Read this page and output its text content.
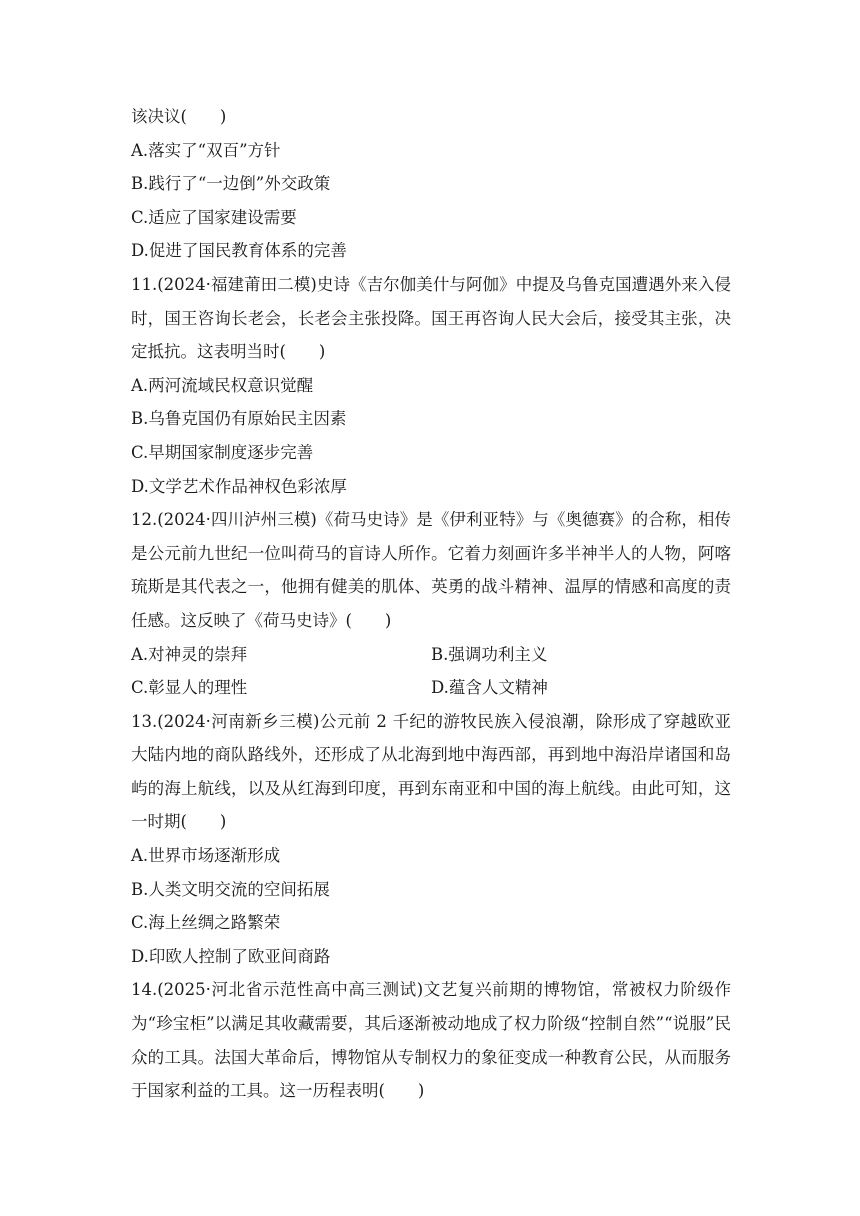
该决议(　　)
A.落实了“双百”方针
B.践行了“一边倒”外交政策
C.适应了国家建设需要
D.促进了国民教育体系的完善
11.(2024·福建莆田二模)史诗《吉尔伽美什与阿伽》中提及乌鲁克国遭遇外来入侵时，国王咨询长老会，长老会主张投降。国王再咨询人民大会后，接受其主张，决定抵抗。这表明当时(　　)
A.两河流域民权意识觉醒
B.乌鲁克国仍有原始民主因素
C.早期国家制度逐步完善
D.文学艺术作品神权色彩浓厚
12.(2024·四川泸州三模)《荷马史诗》是《伊利亚特》与《奥德赛》的合称，相传是公元前九世纪一位叫荷马的盲诗人所作。它着力刻画许多半神半人的人物，阿喀琉斯是其代表之一，他拥有健美的肌体、英勇的战斗精神、温厚的情感和高度的责任感。这反映了《荷马史诗》(　　)
A.对神灵的崇拜	B.强调功利主义
C.彰显人的理性	D.蕴含人文精神
13.(2024·河南新乡三模)公元前 2 千纪的游牧民族入侵浪潮，除形成了穿越欧亚大陆内地的商队路线外，还形成了从北海到地中海西部，再到地中海沿岸诸国和岛屿的海上航线，以及从红海到印度，再到东南亚和中国的海上航线。由此可知，这一时期(　　)
A.世界市场逐渐形成
B.人类文明交流的空间拓展
C.海上丝绸之路繁荣
D.印欧人控制了欧亚间商路
14.(2025·河北省示范性高中高三测试)文艺复兴前期的博物馆，常被权力阶级作为“珍宝柜”以满足其收藏需要，其后逐渐被动地成了权力阶级“控制自然”“说服”民众的工具。法国大革命后，博物馆从专制权力的象征变成一种教育公民，从而服务于国家利益的工具。这一历程表明(　　)
